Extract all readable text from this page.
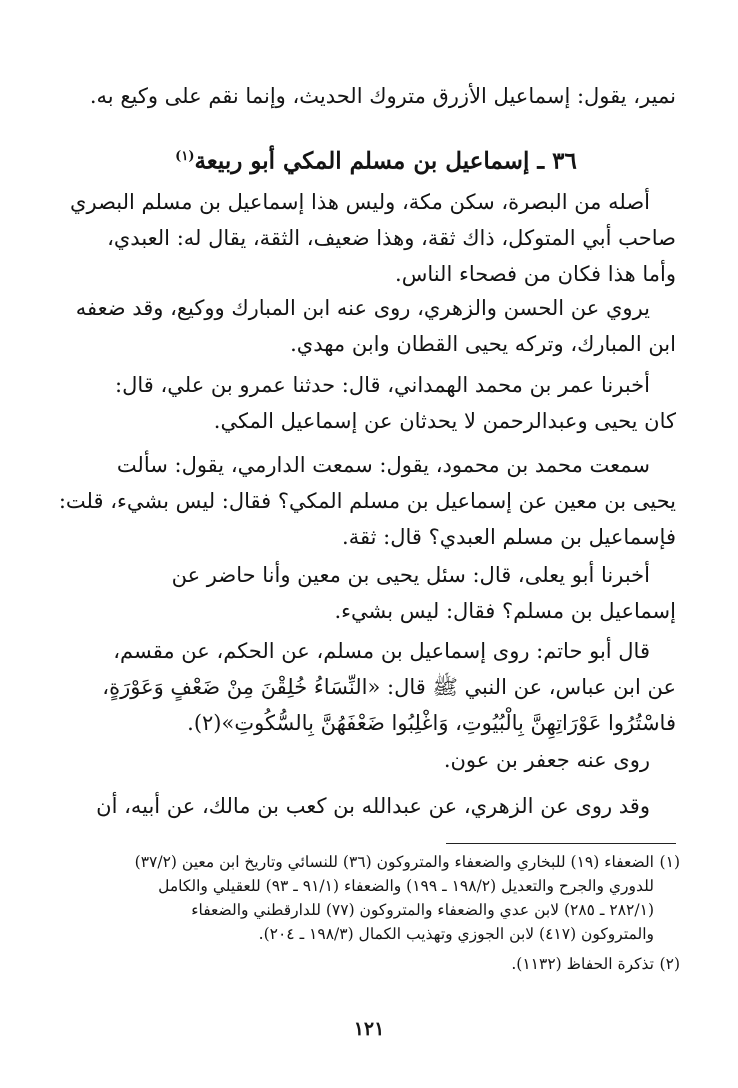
نمير، يقول: إسماعيل الأزرق متروك الحديث، وإنما نقم على وكيع به.
٣٦ ـ إسماعيل بن مسلم المكي أبو ربيعة$^{(١)}$
أصله من البصرة، سكن مكة، وليس هذا إسماعيل بن مسلم البصري
صاحب أبي المتوكل، ذاك ثقة، وهذا ضعيف، الثقة، يقال له: العبدي،
وأما هذا فكان من فصحاء الناس.
يروي عن الحسن والزهري، روى عنه ابن المبارك ووكيع، وقد ضعفه
ابن المبارك، وتركه يحيى القطان وابن مهدي.
أخبرنا عمر بن محمد الهمداني، قال: حدثنا عمرو بن علي، قال:
كان يحيى وعبدالرحمن لا يحدثان عن إسماعيل المكي.
سمعت محمد بن محمود، يقول: سمعت الدارمي، يقول: سألت
يحيى بن معين عن إسماعيل بن مسلم المكي؟ فقال: ليس بشيء، قلت:
فإسماعيل بن مسلم العبدي؟ قال: ثقة.
أخبرنا أبو يعلى، قال: سئل يحيى بن معين وأنا حاضر عن
إسماعيل بن مسلم؟ فقال: ليس بشيء.
قال أبو حاتم: روى إسماعيل بن مسلم، عن الحكم، عن مقسم،
عن ابن عباس، عن النبي ﷺ قال: «النِّسَاءُ خُلِقْنَ مِنْ ضَعْفٍ وَعَوْرَةٍ،
فاسْتُرُوا عَوْرَاتِهِنَّ بِالْبُيُوتِ، وَاغْلِبُوا ضَعْفَهُنَّ بِالسُّكُوتِ»(٢).
روى عنه جعفر بن عون.
وقد روى عن الزهري، عن عبدالله بن كعب بن مالك، عن أبيه، أن
(١)الضعفاء (١٩) للبخاري والضعفاء والمتروكون (٣٦) للنسائي وتاريخ ابن معين (٣٧/٢)
للدوري والجرح والتعديل (١٩٨/٢ ـ ١٩٩) والضعفاء (٩١/١ ـ ٩٣) للعقيلي والكامل
(٢٨٢/١ ـ ٢٨٥) لابن عدي والضعفاء والمتروكون (٧٧) للدارقطني والضعفاء
والمتروكون (٤١٧) لابن الجوزي وتهذيب الكمال (١٩٨/٣ ـ ٢٠٤).
(٢)تذكرة الحفاظ (١١٣٢).
١٢١
